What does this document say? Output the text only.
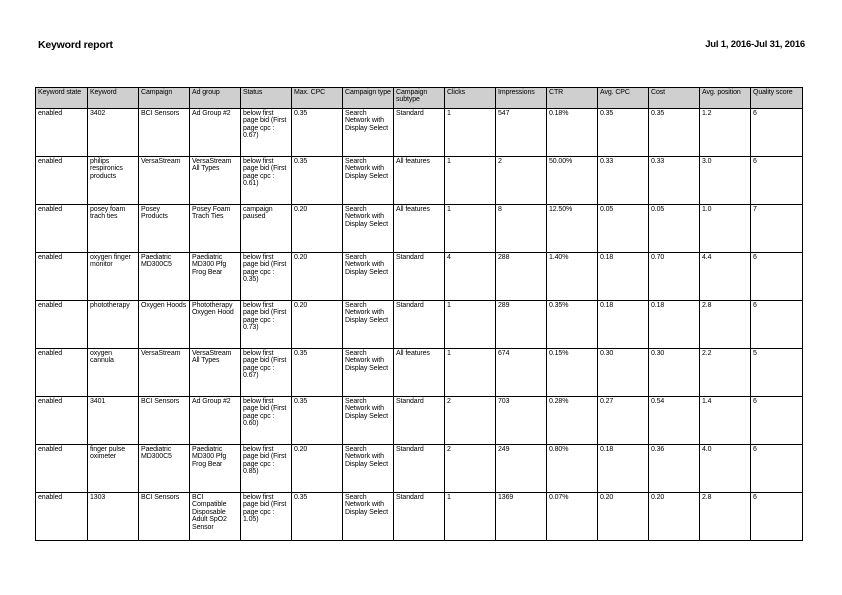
Keyword report	Jul 1, 2016-Jul 31, 2016
Keyword state	Keyword	Campaign	Ad group	Status	Max. CPC	Campaign type	Campaign subtype	Clicks	Impressions	CTR	Avg. CPC	Cost	Avg. position	Quality score
enabled	3402	BCI Sensors	Ad Group #2	below first page bid (First page cpc : 0.67)	0.35	Search Network with Display Select	Standard	1	547	0.18%	0.35	0.35	1.2	6
enabled	philips respironics products	VersaStream	VersaStream All Types	below first page bid (First page cpc : 0.61)	0.35	Search Network with Display Select	All features	1	2	50.00%	0.33	0.33	3.0	6
enabled	posey foam trach ties	Posey Products	Posey Foam Trach Ties	campaign paused	0.20	Search Network with Display Select	All features	1	8	12.50%	0.05	0.05	1.0	7
enabled	oxygen finger monitor	Paediatric MD300C5	Paediatric MD300 Pfg Frog Bear	below first page bid (First page cpc : 0.35)	0.20	Search Network with Display Select	Standard	4	288	1.40%	0.18	0.70	4.4	6
enabled	phototherapy	Oxygen Hoods	Phototherapy Oxygen Hood	below first page bid (First page cpc : 0.73)	0.20	Search Network with Display Select	Standard	1	289	0.35%	0.18	0.18	2.8	6
enabled	oxygen cannula	VersaStream	VersaStream All Types	below first page bid (First page cpc : 0.67)	0.35	Search Network with Display Select	All features	1	674	0.15%	0.30	0.30	2.2	5
enabled	3401	BCI Sensors	Ad Group #2	below first page bid (First page cpc : 0.60)	0.35	Search Network with Display Select	Standard	2	703	0.28%	0.27	0.54	1.4	6
enabled	finger pulse oximeter	Paediatric MD300C5	Paediatric MD300 Pfg Frog Bear	below first page bid (First page cpc : 0.85)	0.20	Search Network with Display Select	Standard	2	249	0.80%	0.18	0.36	4.0	6
enabled	1303	BCI Sensors	BCI Compatible Disposable Adult SpO2 Sensor	below first page bid (First page cpc : 1.05)	0.35	Search Network with Display Select	Standard	1	1369	0.07%	0.20	0.20	2.8	6
